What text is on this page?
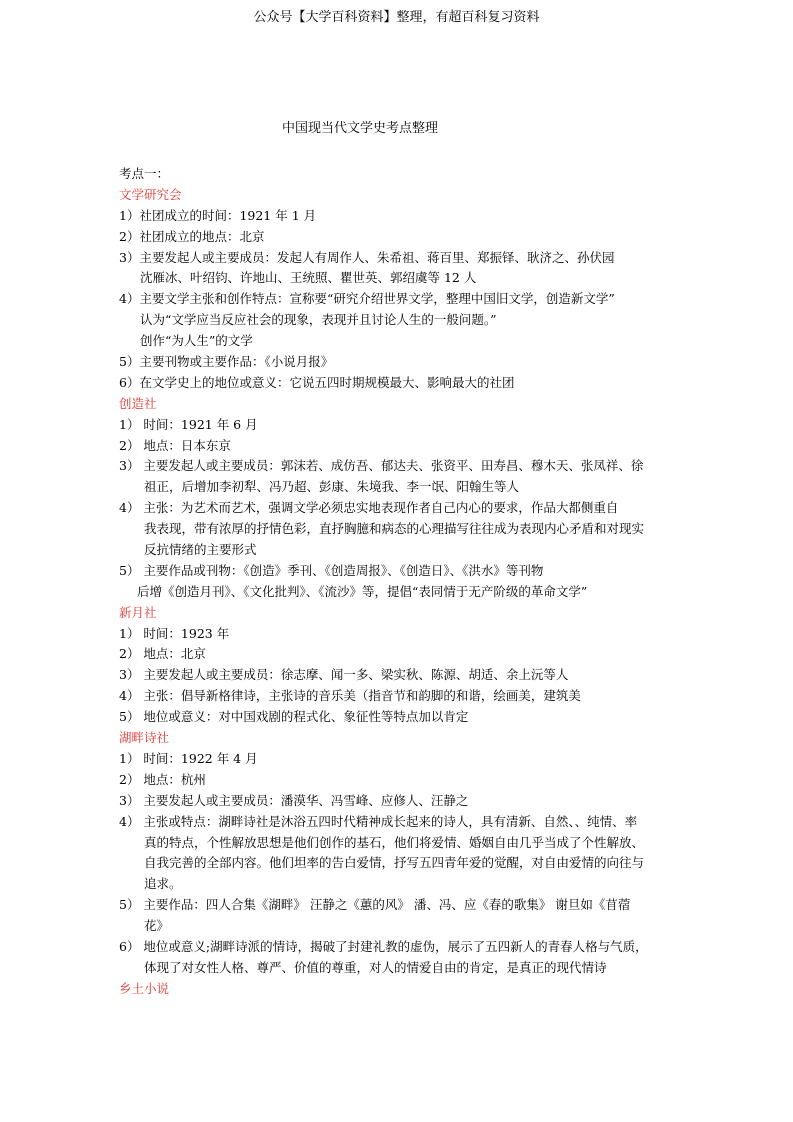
公众号【大学百科资料】整理，有超百科复习资料
中国现当代文学史考点整理
考点一：
文学研究会
1）社团成立的时间：1921 年 1 月
2）社团成立的地点：北京
3）主要发起人或主要成员：发起人有周作人、朱希祖、蒋百里、郑振铎、耿济之、孙伏园
沈雁冰、叶绍钧、许地山、王统照、瞿世英、郭绍虞等 12 人
4）主要文学主张和创作特点：宣称要“研究介绍世界文学，整理中国旧文学，创造新文学”
认为“文学应当反应社会的现象，表现并且讨论人生的一般问题。”
创作“为人生”的文学
5）主要刊物或主要作品：《小说月报》
6）在文学史上的地位或意义：它说五四时期规模最大、影响最大的社团
创造社
1） 时间：1921 年 6 月
2） 地点：日本东京
3） 主要发起人或主要成员：郭沫若、成仿吾、郁达夫、张资平、田寿昌、穆木天、张凤祥、徐
祖正，后增加李初犁、冯乃超、彭康、朱境我、李一氓、阳翰生等人
4） 主张：为艺术而艺术，强调文学必须忠实地表现作者自己内心的要求，作品大都侧重自
我表现，带有浓厚的抒情色彩，直抒胸臆和病态的心理描写往往成为表现内心矛盾和对现实
反抗情绪的主要形式
5） 主要作品或刊物：《创造》季刊、《创造周报》、《创造日》、《洪水》等刊物
后增《创造月刊》、《文化批判》、《流沙》等，提倡“表同情于无产阶级的革命文学”
新月社
1） 时间：1923 年
2） 地点：北京
3） 主要发起人或主要成员：徐志摩、闻一多、梁实秋、陈源、胡适、余上沅等人
4） 主张：倡导新格律诗，主张诗的音乐美（指音节和韵脚的和谐，绘画美，建筑美
5） 地位或意义：对中国戏剧的程式化、象征性等特点加以肯定
湖畔诗社
1） 时间：1922 年 4 月
2） 地点：杭州
3） 主要发起人或主要成员：潘漠华、冯雪峰、应修人、汪静之
4） 主张或特点：湖畔诗社是沐浴五四时代精神成长起来的诗人，具有清新、自然、、纯情、率
真的特点，个性解放思想是他们创作的基石，他们将爱情、婚姻自由几乎当成了个性解放、
自我完善的全部内容。他们坦率的告白爱情，抒写五四青年爱的觉醒，对自由爱情的向往与
追求。
5） 主要作品：四人合集《湖畔》 汪静之《蕙的风》 潘、冯、应《春的歌集》 谢旦如《苜蓿
花》
6） 地位或意义;湖畔诗派的情诗，揭破了封建礼教的虚伪，展示了五四新人的青春人格与气质，
体现了对女性人格、尊严、价值的尊重，对人的情爱自由的肯定，是真正的现代情诗
乡土小说
